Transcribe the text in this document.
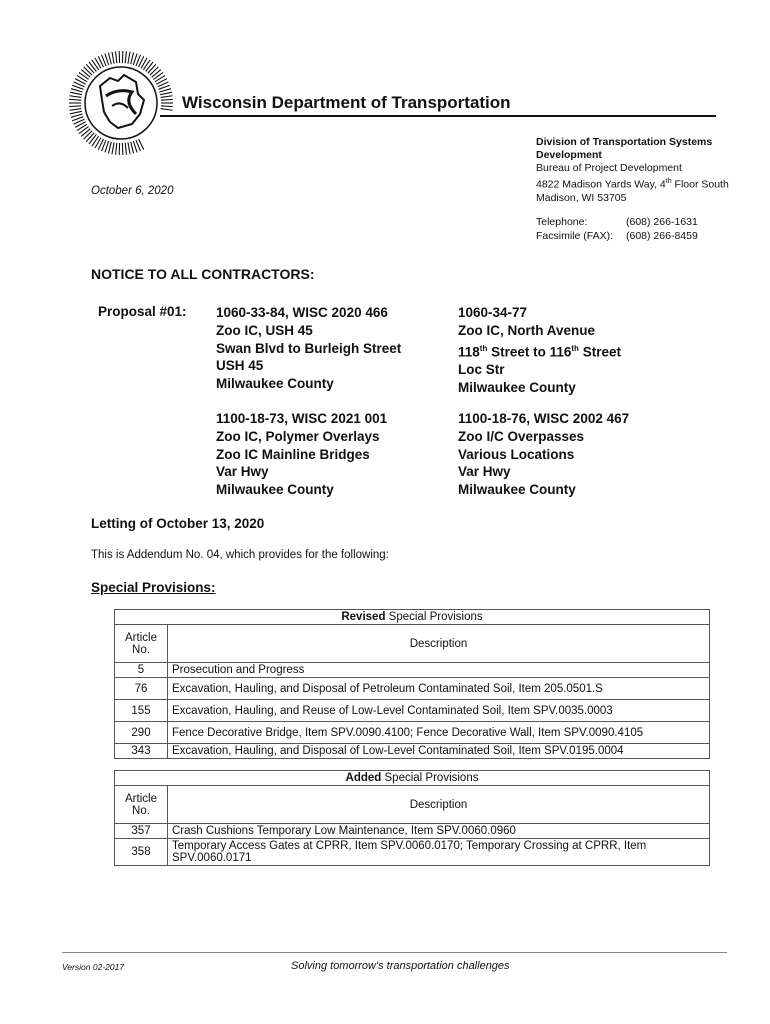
Wisconsin Department of Transportation
October 6, 2020
Division of Transportation Systems
Development
Bureau of Project Development
4822 Madison Yards Way, 4th Floor South
Madison, WI 53705
Telephone:	(608) 266-1631
Facsimile (FAX):	(608) 266-8459
NOTICE TO ALL CONTRACTORS:
Proposal #01: 1060-33-84, WISC 2020 466
Zoo IC, USH 45
Swan Blvd to Burleigh Street
USH 45
Milwaukee County
1060-34-77
Zoo IC, North Avenue
118th Street to 116th Street
Loc Str
Milwaukee County
1100-18-73, WISC 2021 001
Zoo IC, Polymer Overlays
Zoo IC Mainline Bridges
Var Hwy
Milwaukee County
1100-18-76, WISC 2002 467
Zoo I/C Overpasses
Various Locations
Var Hwy
Milwaukee County
Letting of October 13, 2020
This is Addendum No. 04, which provides for the following:
Special Provisions:
Revised Special Provisions	
Article No.	Description
5	Prosecution and Progress
76	Excavation, Hauling, and Disposal of Petroleum Contaminated Soil, Item 205.0501.S
155	Excavation, Hauling, and Reuse of Low-Level Contaminated Soil, Item SPV.0035.0003
290	Fence Decorative Bridge, Item SPV.0090.4100; Fence Decorative Wall, Item SPV.0090.4105
343	Excavation, Hauling, and Disposal of Low-Level Contaminated Soil, Item SPV.0195.0004
Added Special Provisions	
Article No.	Description
357	Crash Cushions Temporary Low Maintenance, Item SPV.0060.0960
358	Temporary Access Gates at CPRR, Item SPV.0060.0170; Temporary Crossing at CPRR, Item SPV.0060.0171
Version 02-2017	Solving tomorrow's transportation challenges
